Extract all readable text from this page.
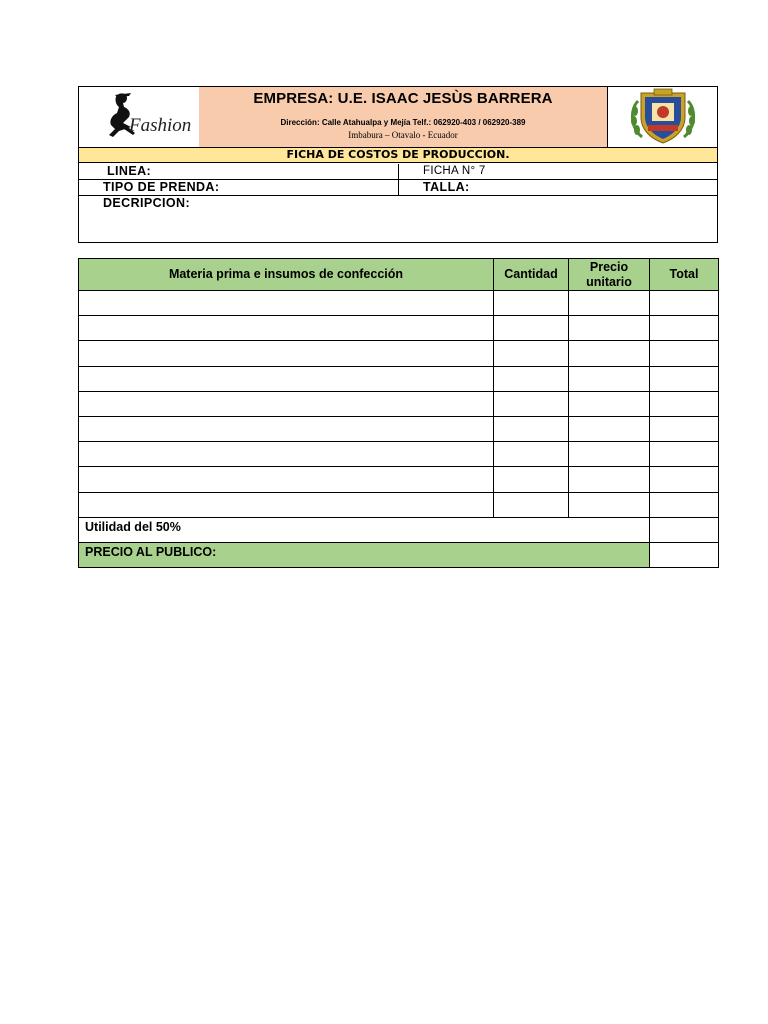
Fashion
EMPRESA: U.E. ISAAC JESÙS BARRERA
Dirección: Calle Atahualpa y Mejía Telf.: 062920-403 / 062920-389
Imbabura – Otavalo - Ecuador
FICHA DE COSTOS DE PRODUCCION.
LINEA:	FICHA N° 7
TIPO DE PRENDA:	TALLA:
DECRIPCION:
Materia prima e insumos de confección	Cantidad	Precio unitario	Total

Utilidad del 50%			
PRECIO AL PUBLICO:			
